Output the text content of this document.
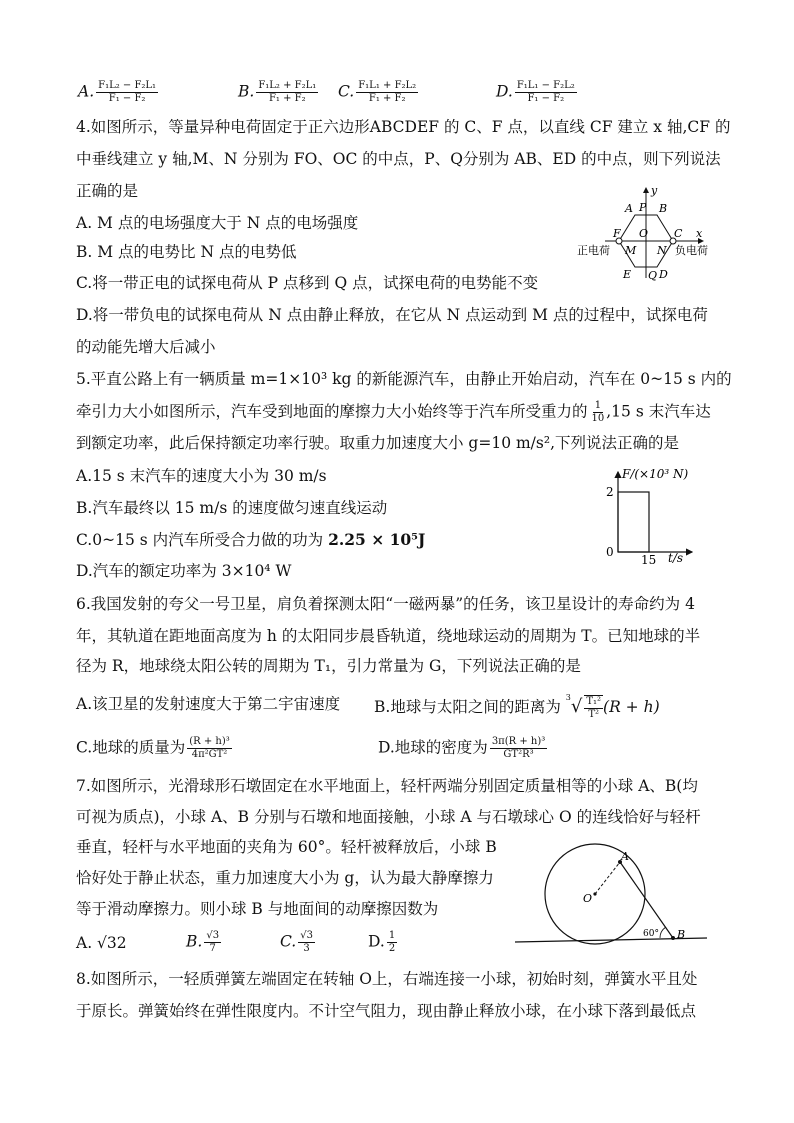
A. $\frac{\text{F₁L₂ − F₂L₁}}{\text{F₁ − F₂}}$	B. $\frac{\text{F₁L₂ + F₂L₁}}{\text{F₁ + F₂}} C$. $\frac{\text{F₁L₁ + F₂L₂}}{\text{F₁ + F₂}}$	D. $\frac{\text{F₁L₁ − F₂L₂}}{\text{F₁ − F₂}}$
4.如图所示，等量异种电荷固定于正六边形ABCDEF 的 C、F 点，以直线 CF 建立 x 轴,CF 的
中垂线建立 y 轴,M、N 分别为 FO、OC 的中点，P、Q分别为 AB、ED 的中点，则下列说法
正确的是
A. M 点的电场强度大于 N 点的电场强度
B. M 点的电势比 N 点的电势低
C.将一带正电的试探电荷从 P 点移到 Q 点，试探电荷的电势能不变
D.将一带负电的试探电荷从 N 点由静止释放，在它从 N 点运动到 M 点的过程中，试探电荷
的动能先增大后减小
y
x
A B
C
D
E
F
P
Q
M N
O
正电荷	负电荷
5.平直公路上有一辆质量 m=1×10³ kg 的新能源汽车，由静止开始启动，汽车在 0~15 s 内的
牵引力大小如图所示，汽车受到地面的摩擦力大小始终等于汽车所受重力的 $\frac{1}{10} ,15$ s 末汽车达
到额定功率，此后保持额定功率行驶。取重力加速度大小 g=10 m/s²,下列说法正确的是
A.15 s 末汽车的速度大小为 30 m/s
B.汽车最终以 15 m/s 的速度做匀速直线运动
C.0~15 s 内汽车所受合力做的功为 2.25 × 10⁵J
D.汽车的额定功率为 3×10⁴ W
F/(×10³ N)
t/s
2
0
15
6.我国发射的夸父一号卫星，肩负着探测太阳“一磁两暴”的任务，该卫星设计的寿命约为 4
年，其轨道在距地面高度为 h 的太阳同步晨昏轨道，绕地球运动的周期为 T。已知地球的半
径为 R，地球绕太阳公转的周期为 T₁，引力常量为 G，下列说法正确的是
A.该卫星的发射速度大于第二宇宙速度 B.地球与太阳之间的距离为 $^3√ \frac{\text{T₁²}}{\text{T²}} (R + h)$
C.地球的质量为 $\frac{\text{(R + h)³}}{\text{4π²GT²}}$	D.地球的密度为 $\frac{\text{3π(R + h)³}}{\text{GT²R³}}$
7.如图所示，光滑球形石墩固定在水平地面上，轻杆两端分别固定质量相等的小球 A、B(均
可视为质点)，小球 A、B 分别与石墩和地面接触，小球 A 与石墩球心 O 的连线恰好与轻杆
垂直，轻杆与水平地面的夹角为 60°。轻杆被释放后，小球 B
恰好处于静止状态，重力加速度大小为 g，认为最大静摩擦力
等于滑动摩擦力。则小球 B 与地面间的动摩擦因数为
A. √32	B. $\frac{√3}{7}$	C. $\frac{√3}{3}$	D. $\frac{1}{2}$
A
B
O
60°
8.如图所示，一轻质弹簧左端固定在转轴 O上，右端连接一小球，初始时刻，弹簧水平且处
于原长。弹簧始终在弹性限度内。不计空气阻力，现由静止释放小球，在小球下落到最低点
